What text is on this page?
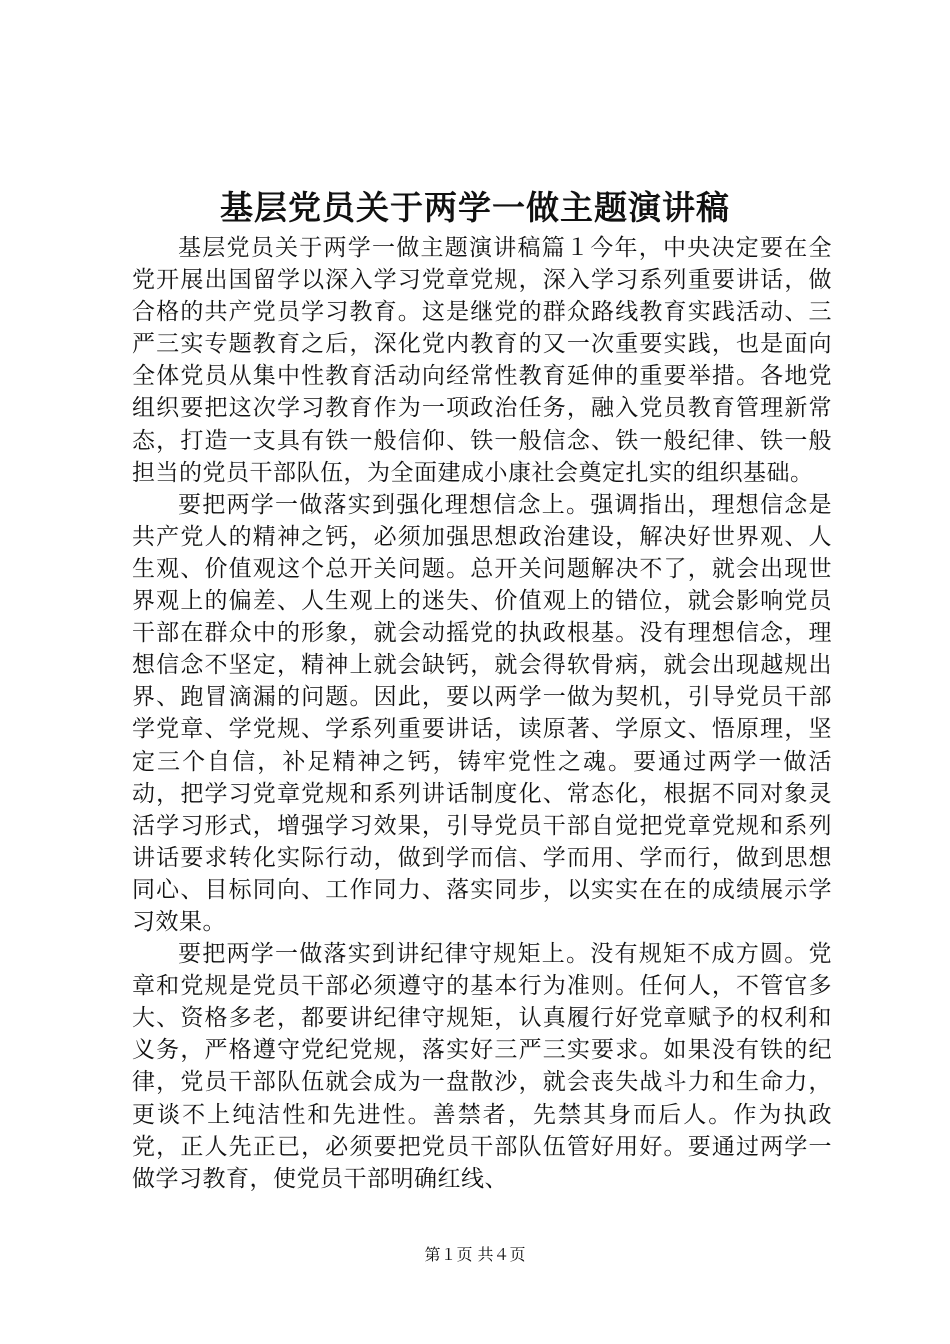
基层党员关于两学一做主题演讲稿

基层党员关于两学一做主题演讲稿篇１今年，中央决定要在全党开展出国留学以深入学习党章党规，深入学习系列重要讲话，做合格的共产党员学习教育。这是继党的群众路线教育实践活动、三严三实专题教育之后，深化党内教育的又一次重要实践，也是面向全体党员从集中性教育活动向经常性教育延伸的重要举措。各地党组织要把这次学习教育作为一项政治任务，融入党员教育管理新常态，打造一支具有铁一般信仰、铁一般信念、铁一般纪律、铁一般担当的党员干部队伍，为全面建成小康社会奠定扎实的组织基础。

要把两学一做落实到强化理想信念上。强调指出，理想信念是共产党人的精神之钙，必须加强思想政治建设，解决好世界观、人生观、价值观这个总开关问题。总开关问题解决不了，就会出现世界观上的偏差、人生观上的迷失、价值观上的错位，就会影响党员干部在群众中的形象，就会动摇党的执政根基。没有理想信念，理想信念不坚定，精神上就会缺钙，就会得软骨病，就会出现越规出界、跑冒滴漏的问题。因此，要以两学一做为契机，引导党员干部学党章、学党规、学系列重要讲话，读原著、学原文、悟原理，坚定三个自信，补足精神之钙，铸牢党性之魂。要通过两学一做活动，把学习党章党规和系列讲话制度化、常态化，根据不同对象灵活学习形式，增强学习效果，引导党员干部自觉把党章党规和系列讲话要求转化实际行动，做到学而信、学而用、学而行，做到思想同心、目标同向、工作同力、落实同步，以实实在在的成绩展示学习效果。

要把两学一做落实到讲纪律守规矩上。没有规矩不成方圆。党章和党规是党员干部必须遵守的基本行为准则。任何人，不管官多大、资格多老，都要讲纪律守规矩，认真履行好党章赋予的权利和义务，严格遵守党纪党规，落实好三严三实要求。如果没有铁的纪律，党员干部队伍就会成为一盘散沙，就会丧失战斗力和生命力，更谈不上纯洁性和先进性。善禁者，先禁其身而后人。作为执政党，正人先正已，必须要把党员干部队伍管好用好。要通过两学一做学习教育，使党员干部明确红线、

第１页 共４页
